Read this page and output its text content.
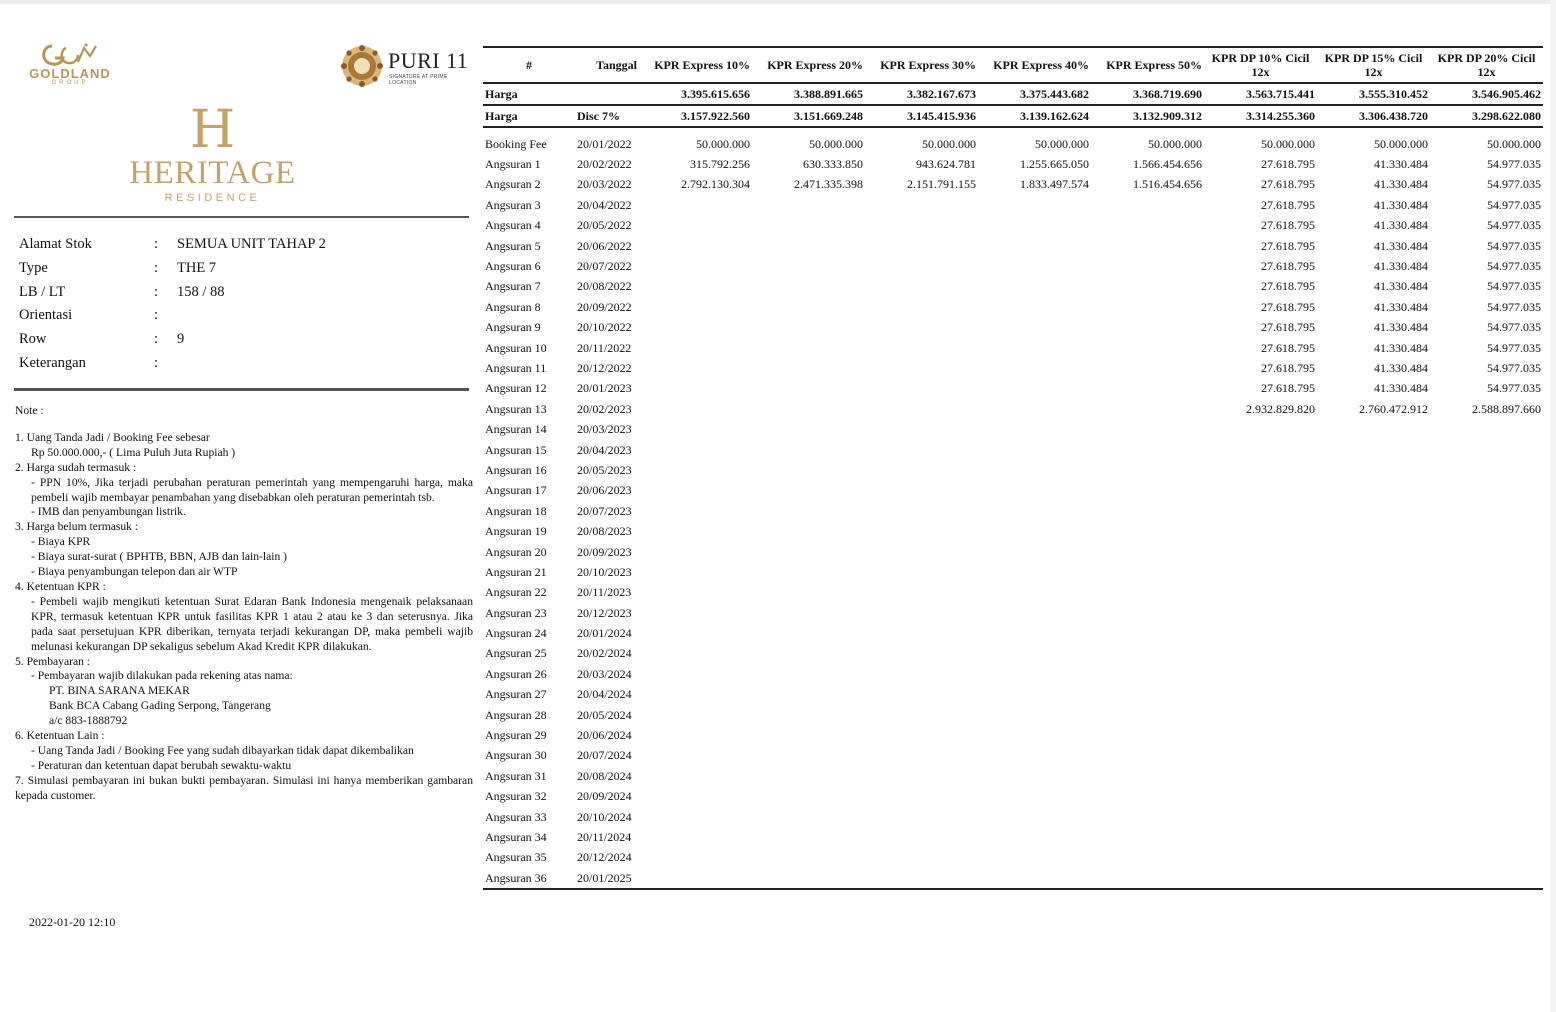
GOLDLAND
GROUP
PURI 11
SIGNATURE AT PRIME LOCATION
H
HERITAGE
RESIDENCE
Alamat Stok	: SEMUA UNIT TAHAP 2
Type	: THE 7
LB / LT	: 158 / 88
Orientasi	:
Row	: 9
Keterangan	:
Note :
1. Uang Tanda Jadi / Booking Fee sebesar
Rp 50.000.000,- ( Lima Puluh Juta Rupiah )
2. Harga sudah termasuk :
- PPN 10%, Jika terjadi perubahan peraturan pemerintah yang mempengaruhi harga, maka pembeli wajib membayar penambahan yang disebabkan oleh peraturan pemerintah tsb.
- IMB dan penyambungan listrik.
3. Harga belum termasuk :
- Biaya KPR
- Biaya surat-surat ( BPHTB, BBN, AJB dan lain-lain )
- Biaya penyambungan telepon dan air WTP
4. Ketentuan KPR :
- Pembeli wajib mengikuti ketentuan Surat Edaran Bank Indonesia mengenaik pelaksanaan KPR, termasuk ketentuan KPR untuk fasilitas KPR 1 atau 2 atau ke 3 dan seterusnya. Jika pada saat persetujuan KPR diberikan, ternyata terjadi kekurangan DP, maka pembeli wajib melunasi kekurangan DP sekaligus sebelum Akad Kredit KPR dilakukan.
5. Pembayaran :
- Pembayaran wajib dilakukan pada rekening atas nama:
PT. BINA SARANA MEKAR
Bank BCA Cabang Gading Serpong, Tangerang
a/c 883-1888792
6. Ketentuan Lain :
- Uang Tanda Jadi / Booking Fee yang sudah dibayarkan tidak dapat dikembalikan
- Peraturan dan ketentuan dapat berubah sewaktu-waktu
7. Simulasi pembayaran ini bukan bukti pembayaran. Simulasi ini hanya memberikan gambaran kepada customer.
2022-01-20 12:10
#	Tanggal	KPR Express 10%	KPR Express 20%	KPR Express 30%	KPR Express 40%	KPR Express 50%	KPR DP 10% Cicil 12x	KPR DP 15% Cicil 12x	KPR DP 20% Cicil 12x
Harga		3.395.615.656	3.388.891.665	3.382.167.673	3.375.443.682	3.368.719.690	3.563.715.441	3.555.310.452	3.546.905.462
Harga	Disc 7%	3.157.922.560	3.151.669.248	3.145.415.936	3.139.162.624	3.132.909.312	3.314.255.360	3.306.438.720	3.298.622.080
Booking Fee	20/01/2022	50.000.000	50.000.000	50.000.000	50.000.000	50.000.000	50.000.000	50.000.000	50.000.000
Angsuran 1	20/02/2022	315.792.256	630.333.850	943.624.781	1.255.665.050	1.566.454.656	27.618.795	41.330.484	54.977.035
Angsuran 2	20/03/2022	2.792.130.304	2.471.335.398	2.151.791.155	1.833.497.574	1.516.454.656	27.618.795	41.330.484	54.977.035
Angsuran 3	20/04/2022						27.618.795	41.330.484	54.977.035
Angsuran 4	20/05/2022						27.618.795	41.330.484	54.977.035
Angsuran 5	20/06/2022						27.618.795	41.330.484	54.977.035
Angsuran 6	20/07/2022						27.618.795	41.330.484	54.977.035
Angsuran 7	20/08/2022						27.618.795	41.330.484	54.977.035
Angsuran 8	20/09/2022						27.618.795	41.330.484	54.977.035
Angsuran 9	20/10/2022						27.618.795	41.330.484	54.977.035
Angsuran 10	20/11/2022						27.618.795	41.330.484	54.977.035
Angsuran 11	20/12/2022						27.618.795	41.330.484	54.977.035
Angsuran 12	20/01/2023						27.618.795	41.330.484	54.977.035
Angsuran 13	20/02/2023						2.932.829.820	2.760.472.912	2.588.897.660
Angsuran 14	20/03/2023								
Angsuran 15	20/04/2023								
Angsuran 16	20/05/2023								
Angsuran 17	20/06/2023								
Angsuran 18	20/07/2023								
Angsuran 19	20/08/2023								
Angsuran 20	20/09/2023								
Angsuran 21	20/10/2023								
Angsuran 22	20/11/2023								
Angsuran 23	20/12/2023								
Angsuran 24	20/01/2024								
Angsuran 25	20/02/2024								
Angsuran 26	20/03/2024								
Angsuran 27	20/04/2024								
Angsuran 28	20/05/2024								
Angsuran 29	20/06/2024								
Angsuran 30	20/07/2024								
Angsuran 31	20/08/2024								
Angsuran 32	20/09/2024								
Angsuran 33	20/10/2024								
Angsuran 34	20/11/2024								
Angsuran 35	20/12/2024								
Angsuran 36	20/01/2025								
